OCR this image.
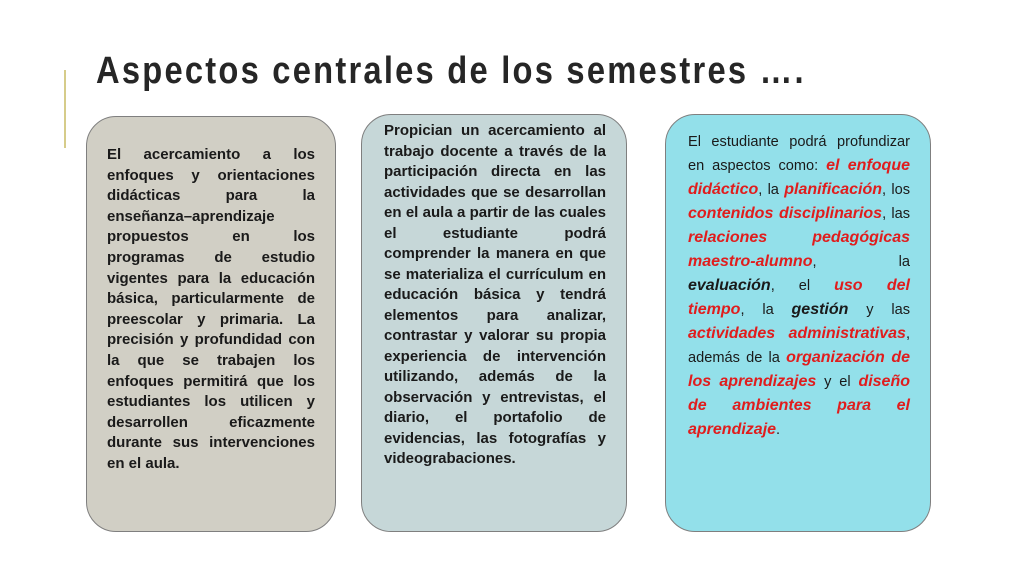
Aspectos centrales de los semestres ….

El acercamiento a los enfoques y orientaciones didácticas para la enseñanza–aprendizaje propuestos en los programas de estudio vigentes para la educación básica, particularmente de preescolar y primaria. La precisión y profundidad con la que se trabajen los enfoques permitirá que los estudiantes los utilicen y desarrollen eficazmente durante sus intervenciones en el aula.

Propician un acercamiento al trabajo docente a través de la participación directa en las actividades que se desarrollan en el aula a partir de las cuales el estudiante podrá comprender la manera en que se materializa el currículum en educación básica y tendrá elementos para analizar, contrastar y valorar su propia experiencia de intervención utilizando, además de la observación y entrevistas, el diario, el portafolio de evidencias, las fotografías y videograbaciones.

El estudiante podrá profundizar en aspectos como: el enfoque didáctico, la planificación, los contenidos disciplinarios, las relaciones pedagógicas maestro-alumno, la evaluación, el uso del tiempo, la gestión y las actividades administrativas, además de la organización de los aprendizajes y el diseño de ambientes para el aprendizaje.
